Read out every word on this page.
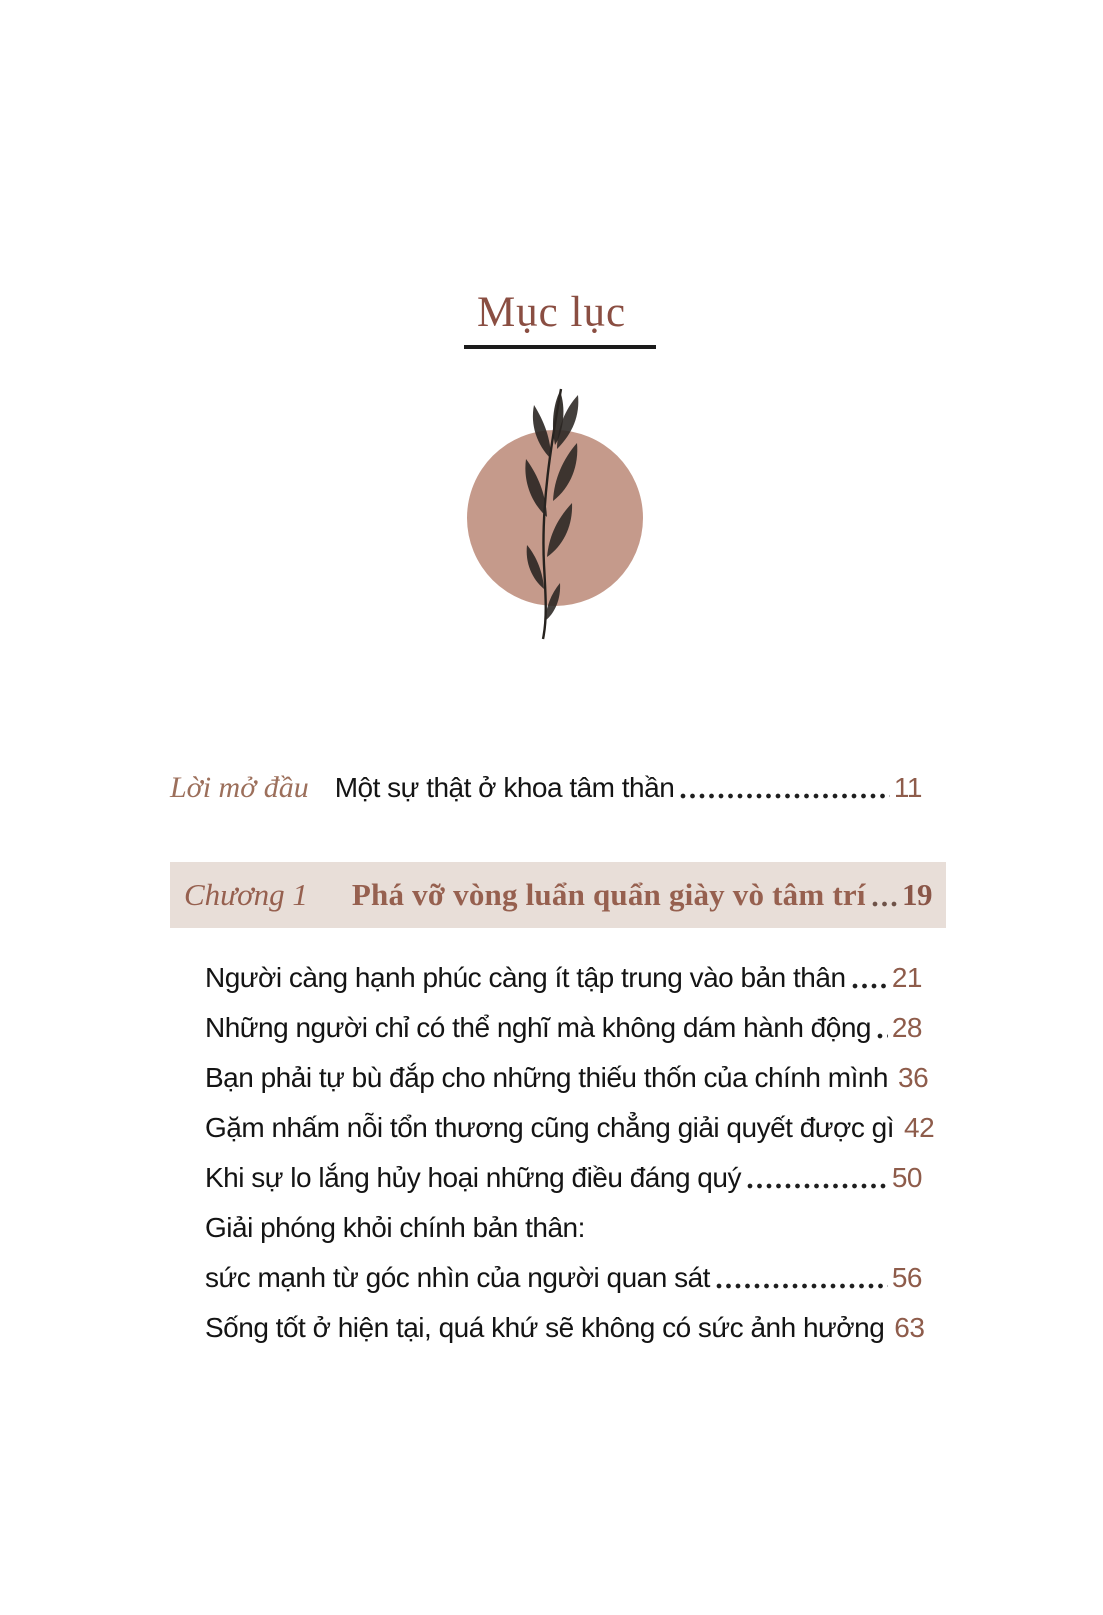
Mục lục
Lời mở đầu Một sự thật ở khoa tâm thần	11
Chương 1 Phá vỡ vòng luẩn quẩn giày vò tâm trí 19
Người càng hạnh phúc càng ít tập trung vào bản thân 21
Những người chỉ có thể nghĩ mà không dám hành động 28
Bạn phải tự bù đắp cho những thiếu thốn của chính mình 36
Gặm nhấm nỗi tổn thương cũng chẳng giải quyết được gì 42
Khi sự lo lắng hủy hoại những điều đáng quý	50
Giải phóng khỏi chính bản thân:
sức mạnh từ góc nhìn của người quan sát	56
Sống tốt ở hiện tại, quá khứ sẽ không có sức ảnh hưởng 63
